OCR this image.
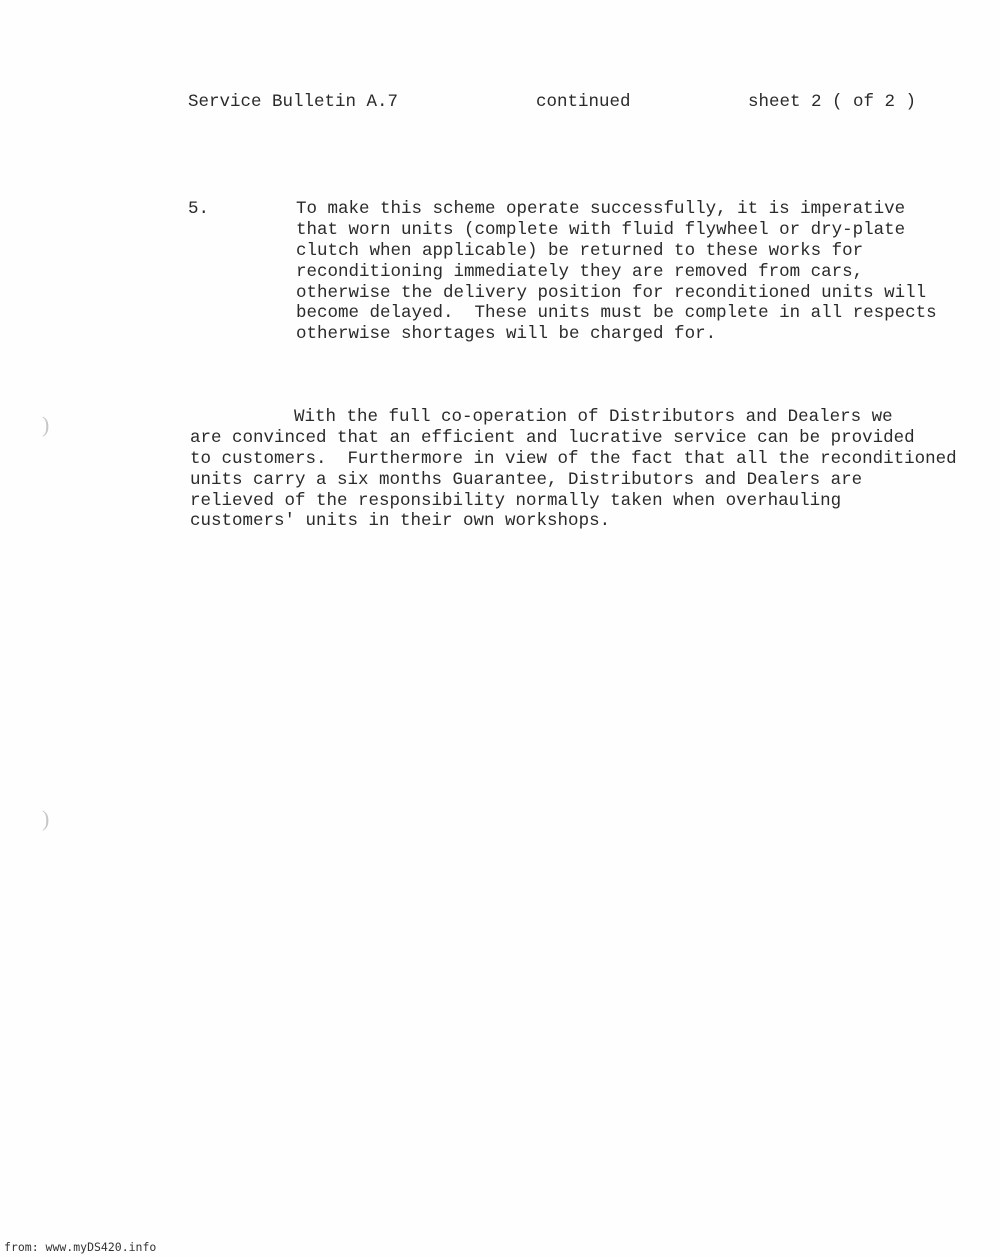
Service Bulletin A.7	continued	sheet 2 ( of 2 )
5.	To make this scheme operate successfully, it is imperative
that worn units (complete with fluid flywheel or dry-plate
clutch when applicable) be returned to these works for
reconditioning immediately they are removed from cars,
otherwise the delivery position for reconditioned units will
become delayed.  These units must be complete in all respects
otherwise shortages will be charged for.
With the full co-operation of Distributors and Dealers we
are convinced that an efficient and lucrative service can be provided
to customers.  Furthermore in view of the fact that all the reconditioned
units carry a six months Guarantee, Distributors and Dealers are
relieved of the responsibility normally taken when overhauling
customers' units in their own workshops.
)
)
from: www.myDS420.info
